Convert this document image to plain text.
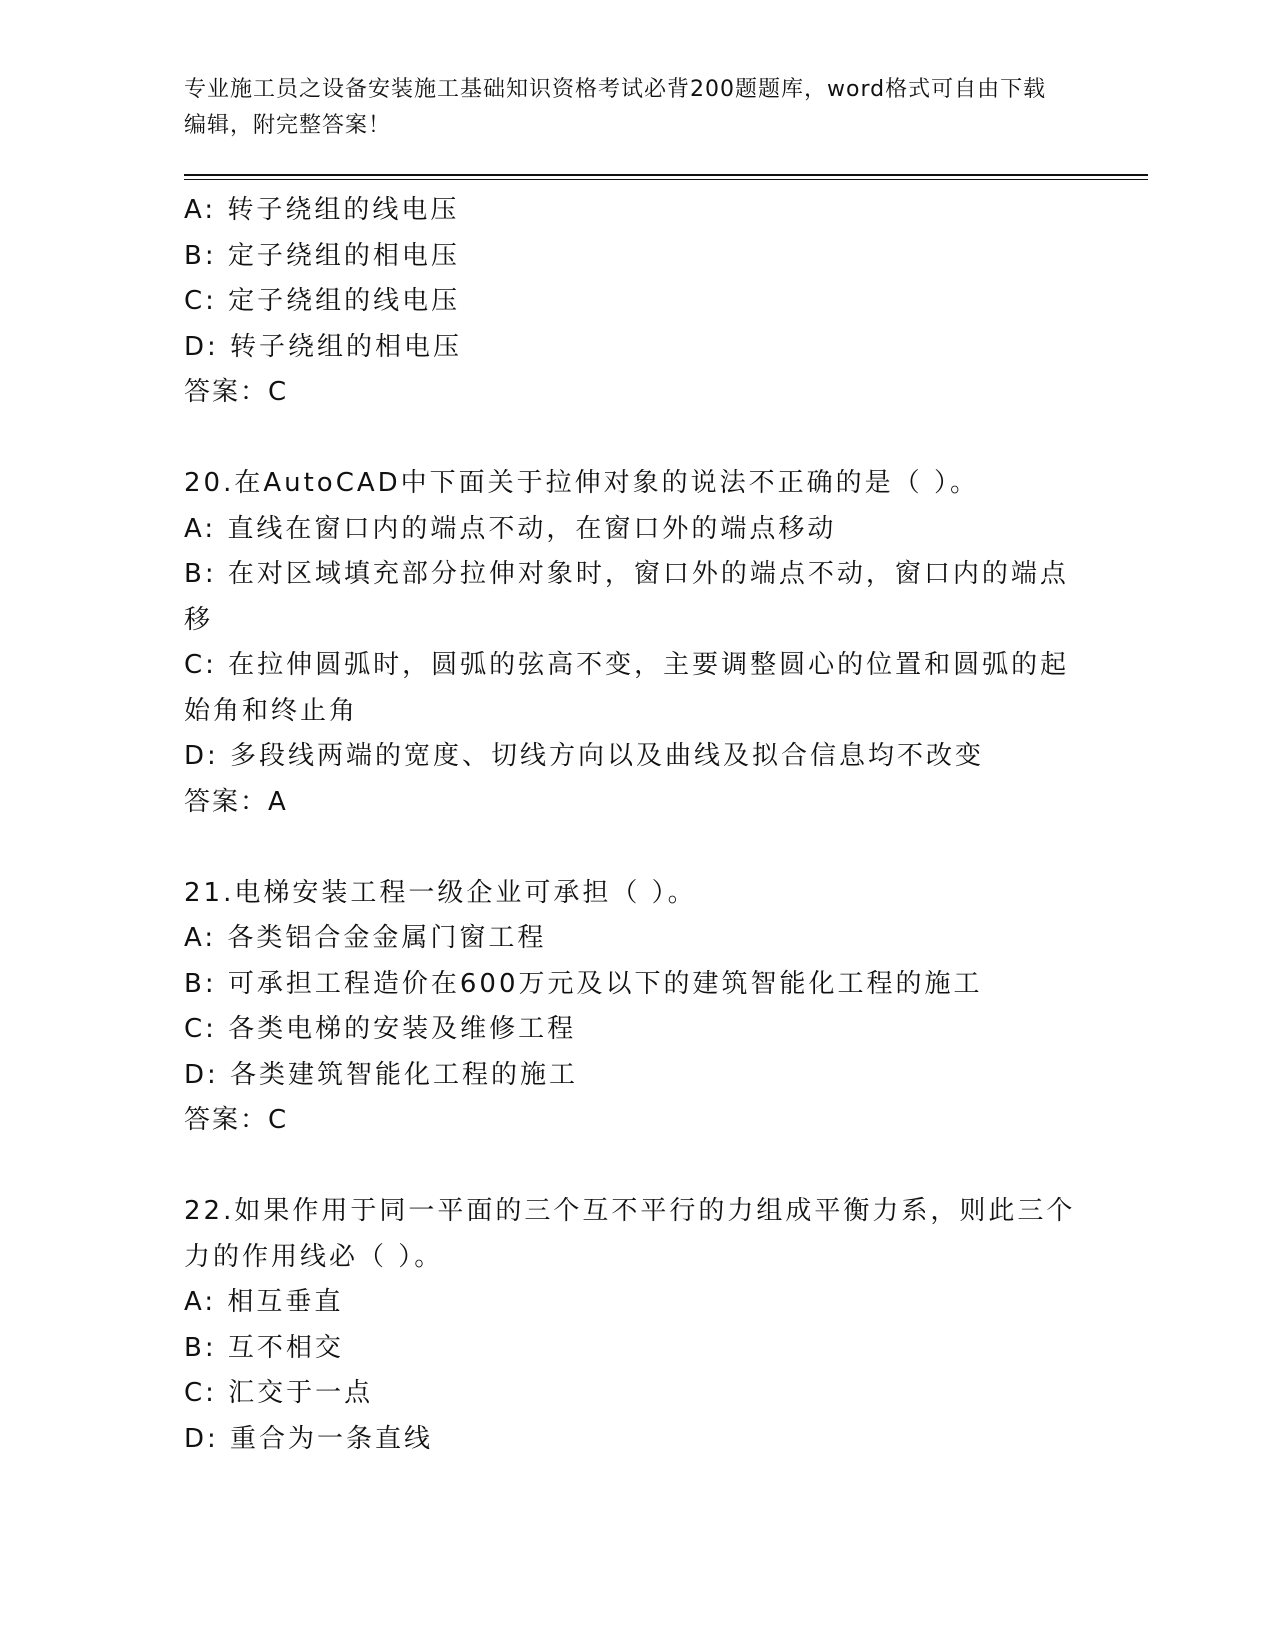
专业施工员之设备安装施工基础知识资格考试必背200题题库，word格式可自由下载编辑，附完整答案！
A: 转子绕组的线电压
B: 定子绕组的相电压
C: 定子绕组的线电压
D: 转子绕组的相电压
答案：C
20.在AutoCAD中下面关于拉伸对象的说法不正确的是（ ）。
A: 直线在窗口内的端点不动，在窗口外的端点移动
B: 在对区域填充部分拉伸对象时，窗口外的端点不动，窗口内的端点移
C: 在拉伸圆弧时，圆弧的弦高不变，主要调整圆心的位置和圆弧的起始角和终止角
D: 多段线两端的宽度、切线方向以及曲线及拟合信息均不改变
答案：A
21.电梯安装工程一级企业可承担（ ）。
A: 各类铝合金金属门窗工程
B: 可承担工程造价在600万元及以下的建筑智能化工程的施工
C: 各类电梯的安装及维修工程
D: 各类建筑智能化工程的施工
答案：C
22.如果作用于同一平面的三个互不平行的力组成平衡力系，则此三个力的作用线必（ ）。
A: 相互垂直
B: 互不相交
C: 汇交于一点
D: 重合为一条直线
